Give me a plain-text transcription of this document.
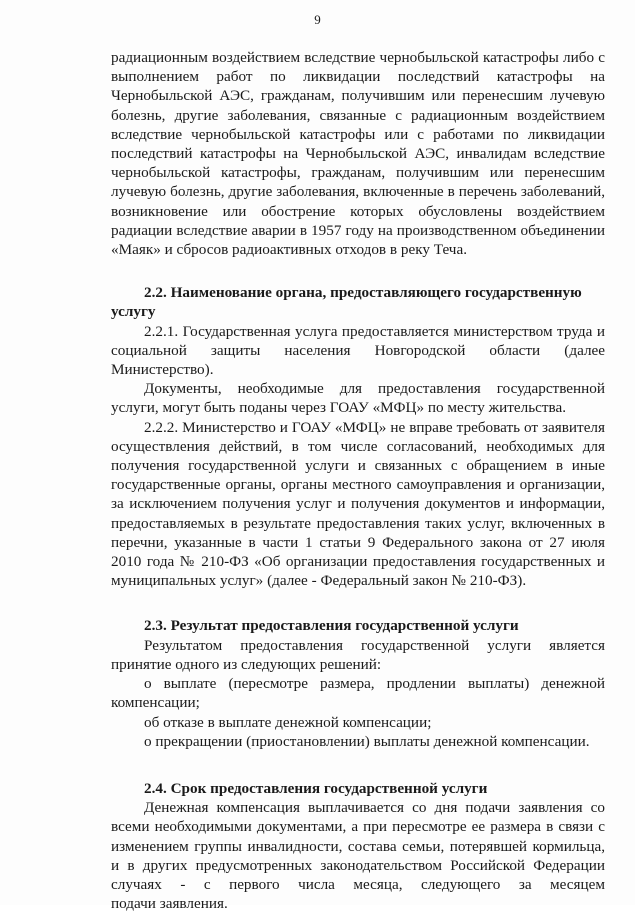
9

радиационным воздействием вследствие чернобыльской катастрофы либо с выполнением работ по ликвидации последствий катастрофы на Чернобыльской АЭС, гражданам, получившим или перенесшим лучевую болезнь, другие заболевания, связанные с радиационным воздействием вследствие чернобыльской катастрофы или с работами по ликвидации последствий катастрофы на Чернобыльской АЭС, инвалидам вследствие чернобыльской катастрофы, гражданам, получившим или перенесшим лучевую болезнь, другие заболевания, включенные в перечень заболеваний, возникновение или обострение которых обусловлены воздействием радиации вследствие аварии в 1957 году на производственном объединении «Маяк» и сбросов радиоактивных отходов в реку Теча.

2.2. Наименование органа, предоставляющего государственную услугу

2.2.1. Государственная услуга предоставляется министерством труда и социальной защиты населения Новгородской области (далее Министерство).

Документы, необходимые для предоставления государственной услуги, могут быть поданы через ГОАУ «МФЦ» по месту жительства.

2.2.2. Министерство и ГОАУ «МФЦ» не вправе требовать от заявителя осуществления действий, в том числе согласований, необходимых для получения государственной услуги и связанных с обращением в иные государственные органы, органы местного самоуправления и организации, за исключением получения услуг и получения документов и информации, предоставляемых в результате предоставления таких услуг, включенных в перечни, указанные в части 1 статьи 9 Федерального закона от 27 июля 2010 года № 210-ФЗ «Об организации предоставления государственных и муниципальных услуг» (далее - Федеральный закон № 210-ФЗ).

2.3. Результат предоставления государственной услуги

Результатом предоставления государственной услуги является принятие одного из следующих решений:

о выплате (пересмотре размера, продлении выплаты) денежной компенсации;

об отказе в выплате денежной компенсации;

о прекращении (приостановлении) выплаты денежной компенсации.

2.4. Срок предоставления государственной услуги

Денежная компенсация выплачивается со дня подачи заявления со всеми необходимыми документами, а при пересмотре ее размера в связи с изменением группы инвалидности, состава семьи, потерявшей кормильца, и в других предусмотренных законодательством Российской Федерации случаях - с первого числа месяца, следующего за месяцем

подачи заявления.
